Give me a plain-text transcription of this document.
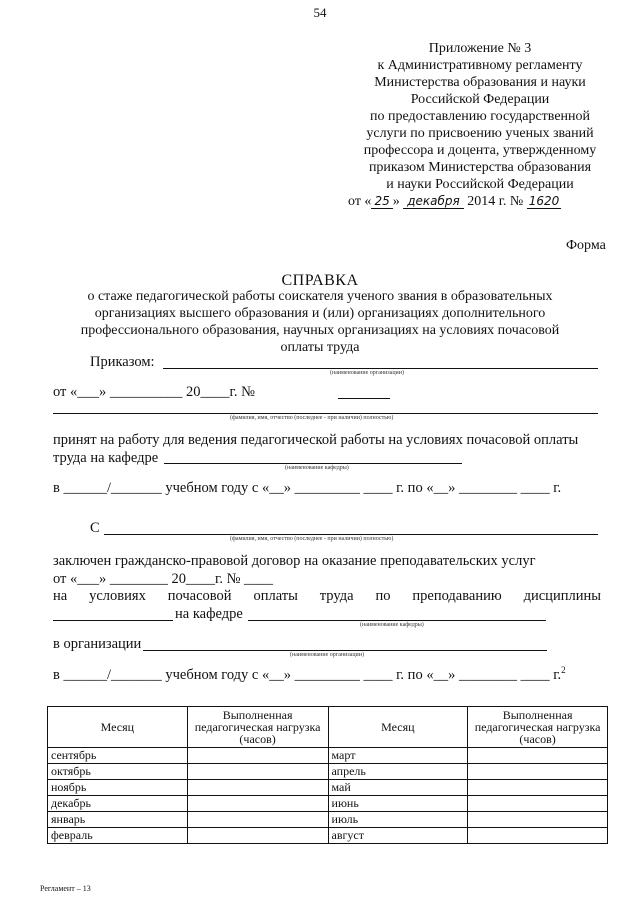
54
Приложение № 3
к Административному регламенту
Министерства образования и науки
Российской Федерации
по предоставлению государственной
услуги по присвоению ученых званий
профессора и доцента, утвержденному
приказом Министерства образования
и науки Российской Федерации
от « 25 » декабря 2014 г. № 1620
Форма
СПРАВКА
о стаже педагогической работы соискателя ученого звания в образовательных
организациях высшего образования и (или) организациях дополнительного
профессионального образования, научных организациях на условиях почасовой
оплаты труда
Приказом:
(наименование организации)
от «___» __________ 20____г. №
(фамилия, имя, отчество (последнее - при наличии) полностью)
принят на работу для ведения педагогической работы на условиях почасовой оплаты
труда на кафедре
(наименование кафедры)
в ______/_______ учебном году с «__» _________ ____ г. по «__» ________ ____ г.
С
(фамилия, имя, отчество (последнее - при наличии) полностью)
заключен гражданско-правовой договор на оказание преподавательских услуг
от «___» ________ 20____г. № ____
на условиях почасовой оплаты труда по преподаванию дисциплины
на кафедре
(наименование кафедры)
в организации
(наименование организации)
в ______/_______ учебном году с «__» _________ ____ г. по «__» ________ ____ г.$^2$
Месяц	Выполненная педагогическая нагрузка (часов)	Месяц	Выполненная педагогическая нагрузка (часов)
сентябрь		март	
октябрь		апрель	
ноябрь		май	
декабрь		июнь	
январь		июль	
февраль		август	
Регламент – 13
